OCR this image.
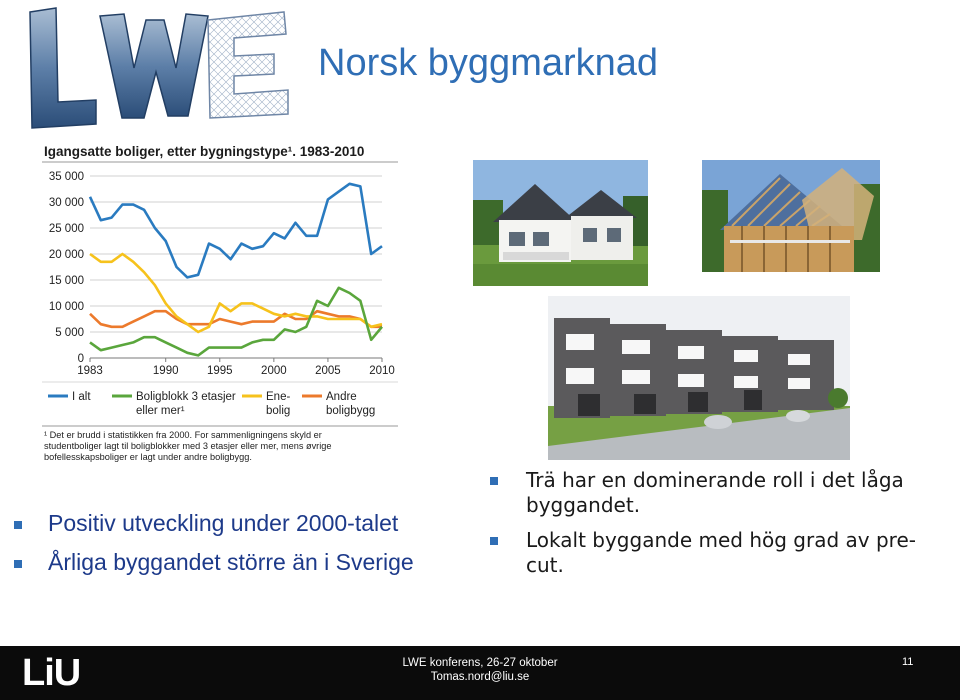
Norsk byggmarknad
Igangsatte boliger, etter bygningstype¹. 1983-2010
0
5 000
10 000
15 000
20 000
25 000
30 000
35 000
1983	1990 1995 2000 2005 2010
I alt	Boligblokk 3 etasjer
eller mer¹
Ene-
bolig
Andre
boligbygg
¹ Det er brudd i statistikken fra 2000. For sammenligningens skyld er
studentboliger lagt til boligblokker med 3 etasjer eller mer, mens øvrige
bofellesskapsboliger er lagt under andre boligbygg.
Positiv utveckling under 2000-talet
Årliga byggandet större än i Sverige
Trä har en dominerande roll i det låga byggandet.
Lokalt byggande med hög grad av pre-cut.
LiU	LWE konferens, 26-27 oktober
Tomas.nord@liu.se
11
